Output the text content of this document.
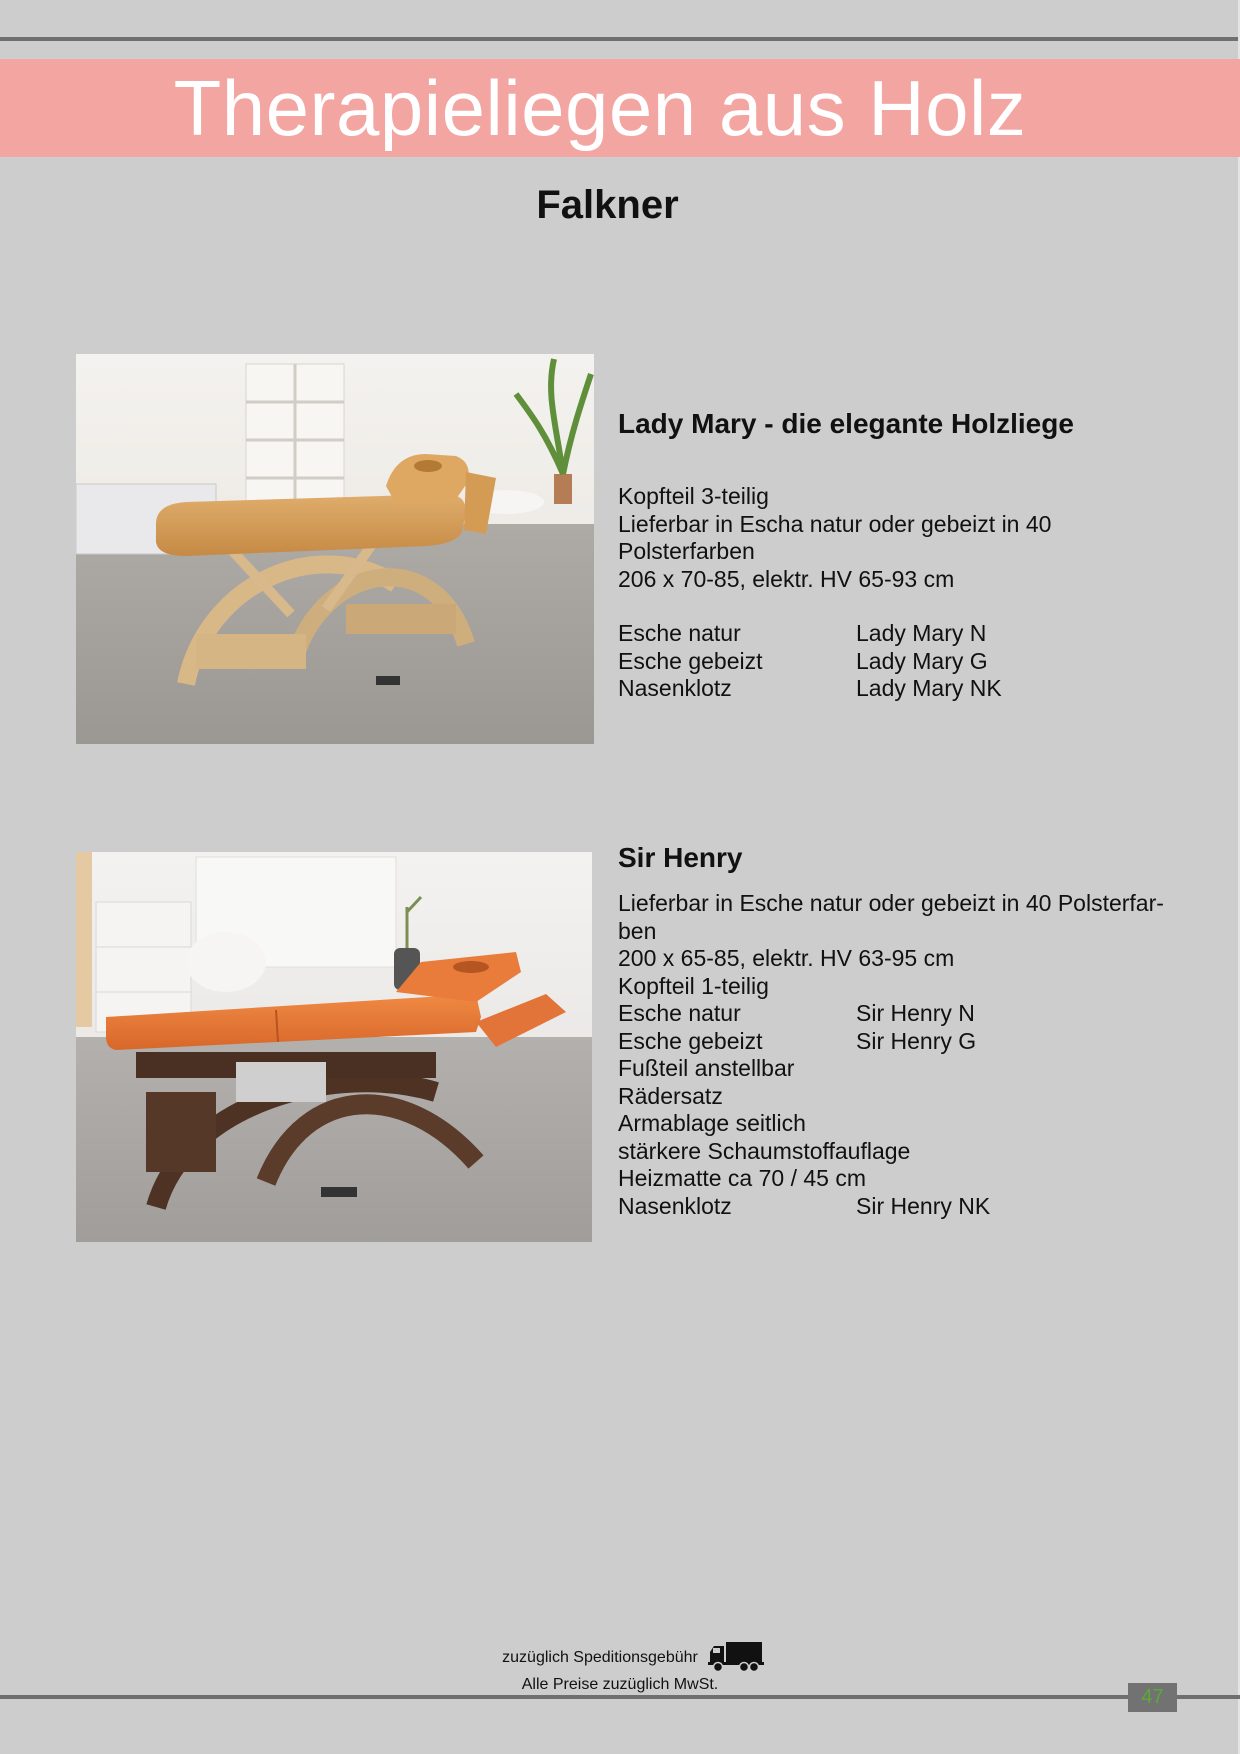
Therapieliegen aus Holz
Falkner
Lady Mary - die elegante Holzliege

Kopfteil 3-teilig

Lieferbar in Escha natur oder gebeizt in 40

Polsterfarben

206 x 70-85, elektr. HV 65-93 cm

Esche natur	Lady Mary N
Esche gebeizt	Lady Mary G
Nasenklotz	Lady Mary NK
Sir Henry

Lieferbar in Esche natur oder gebeizt in 40 Polsterfar-

ben

200 x 65-85, elektr. HV 63-95 cm

Kopfteil 1-teilig

Esche natur	Sir Henry N
Esche gebeizt	Sir Henry G

Fußteil anstellbar

Rädersatz

Armablage seitlich

stärkere Schaumstoffauflage

Heizmatte ca 70 / 45 cm

Nasenklotz	Sir Henry NK
zuzüglich Speditionsgebühr
Alle Preise zuzüglich MwSt.
47
